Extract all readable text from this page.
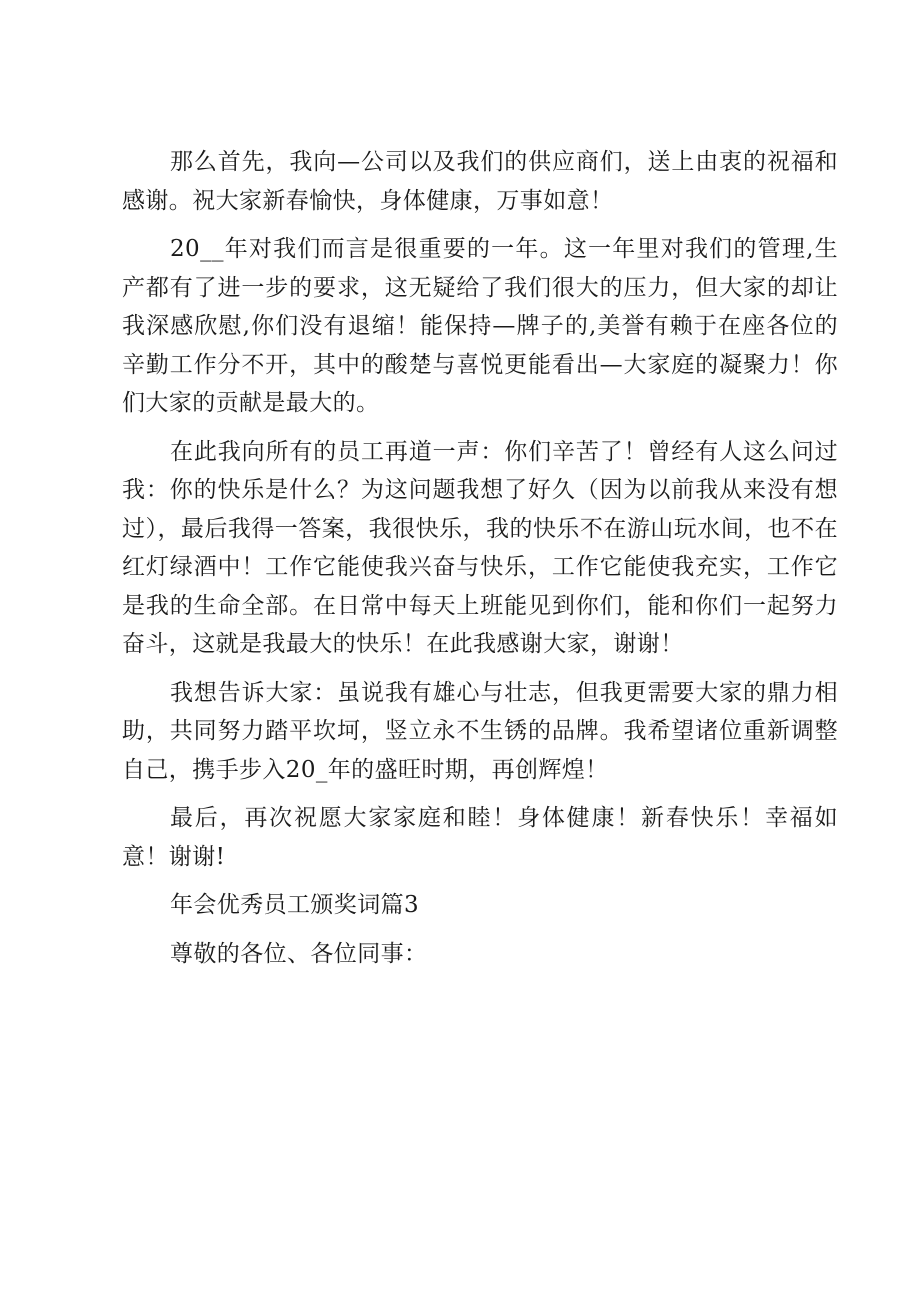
那么首先，我向—公司以及我们的供应商们，送上由衷的祝福和感谢。祝大家新春愉快，身体健康，万事如意！

20__年对我们而言是很重要的一年。这一年里对我们的管理,生产都有了进一步的要求，这无疑给了我们很大的压力，但大家的却让我深感欣慰,你们没有退缩！能保持—牌子的,美誉有赖于在座各位的辛勤工作分不开，其中的酸楚与喜悦更能看出—大家庭的凝聚力！你们大家的贡献是最大的。

在此我向所有的员工再道一声：你们辛苦了！曾经有人这么问过我：你的快乐是什么？为这问题我想了好久（因为以前我从来没有想过），最后我得一答案，我很快乐，我的快乐不在游山玩水间，也不在红灯绿酒中！工作它能使我兴奋与快乐，工作它能使我充实，工作它是我的生命全部。在日常中每天上班能见到你们，能和你们一起努力奋斗，这就是我最大的快乐！在此我感谢大家，谢谢！

我想告诉大家：虽说我有雄心与壮志，但我更需要大家的鼎力相助，共同努力踏平坎坷，竖立永不生锈的品牌。我希望诸位重新调整自己，携手步入20_年的盛旺时期，再创辉煌！

最后，再次祝愿大家家庭和睦！身体健康！新春快乐！幸福如意！谢谢!

年会优秀员工颁奖词篇3

尊敬的各位、各位同事：
